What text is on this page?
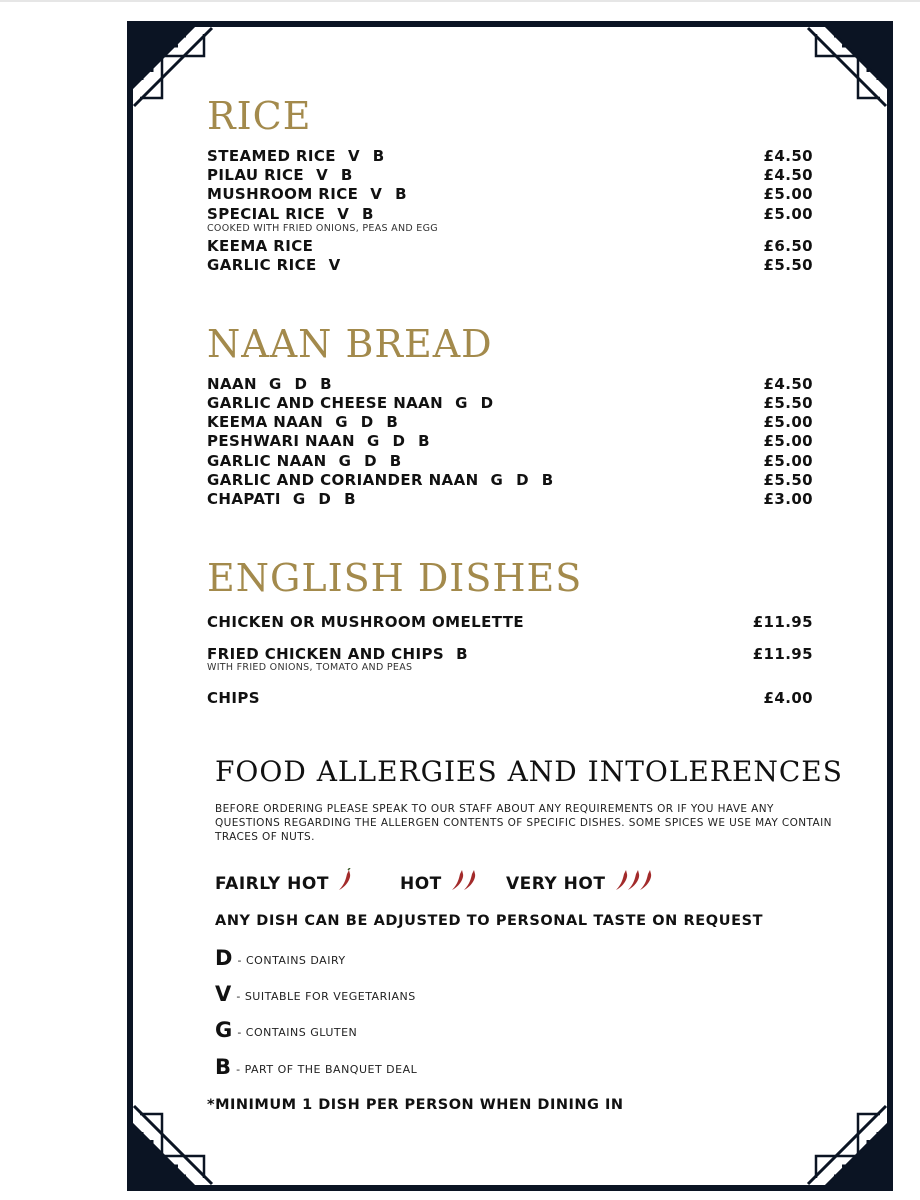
RICE
STEAMED RICE V B	£4.50
PILAU RICE V B	£4.50
MUSHROOM RICE V B	£5.00
SPECIAL RICE V B	£5.00
COOKED WITH FRIED ONIONS, PEAS AND EGG
KEEMA RICE	£6.50
GARLIC RICE V	£5.50
NAAN BREAD
NAAN G D B	£4.50
GARLIC AND CHEESE NAAN G D	£5.50
KEEMA NAAN G D B	£5.00
PESHWARI NAAN G D B	£5.00
GARLIC NAAN G D B	£5.00
GARLIC AND CORIANDER NAAN G D B	£5.50
CHAPATI G D B	£3.00
ENGLISH DISHES
CHICKEN OR MUSHROOM OMELETTE	£11.95
FRIED CHICKEN AND CHIPS B	£11.95
WITH FRIED ONIONS, TOMATO AND PEAS
CHIPS	£4.00
FOOD ALLERGIES AND INTOLERENCES
BEFORE ORDERING PLEASE SPEAK TO OUR STAFF ABOUT ANY REQUIREMENTS OR IF YOU HAVE ANY QUESTIONS REGARDING THE ALLERGEN CONTENTS OF SPECIFIC DISHES. SOME SPICES WE USE MAY CONTAIN TRACES OF NUTS.
FAIRLY HOT	HOT	VERY HOT
ANY DISH CAN BE ADJUSTED TO PERSONAL TASTE ON REQUEST
D - CONTAINS DAIRY
V - SUITABLE FOR VEGETARIANS
G - CONTAINS GLUTEN
B - PART OF THE BANQUET DEAL
*MINIMUM 1 DISH PER PERSON WHEN DINING IN
